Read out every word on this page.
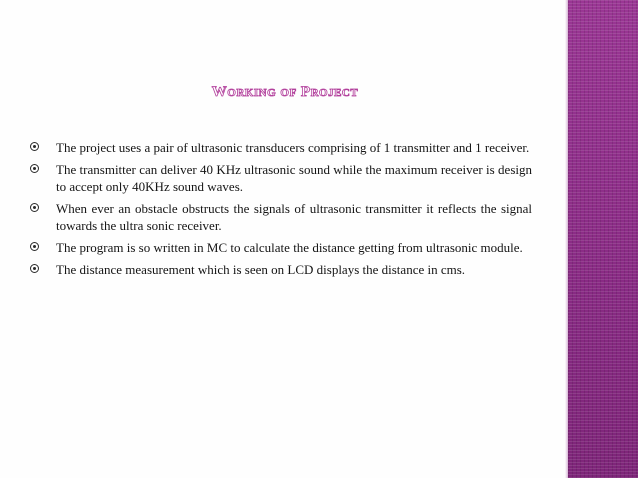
Working of Project
The project uses a pair of ultrasonic transducers comprising of 1 transmitter and 1 receiver.
The transmitter can deliver 40 KHz ultrasonic sound while the maximum receiver is design to accept only 40KHz sound waves.
When ever an obstacle obstructs the signals of ultrasonic transmitter it reflects the signal towards the ultra sonic receiver.
The program is so written in MC to calculate the distance getting from ultrasonic module.
The distance measurement which is seen on LCD displays the distance in cms.
